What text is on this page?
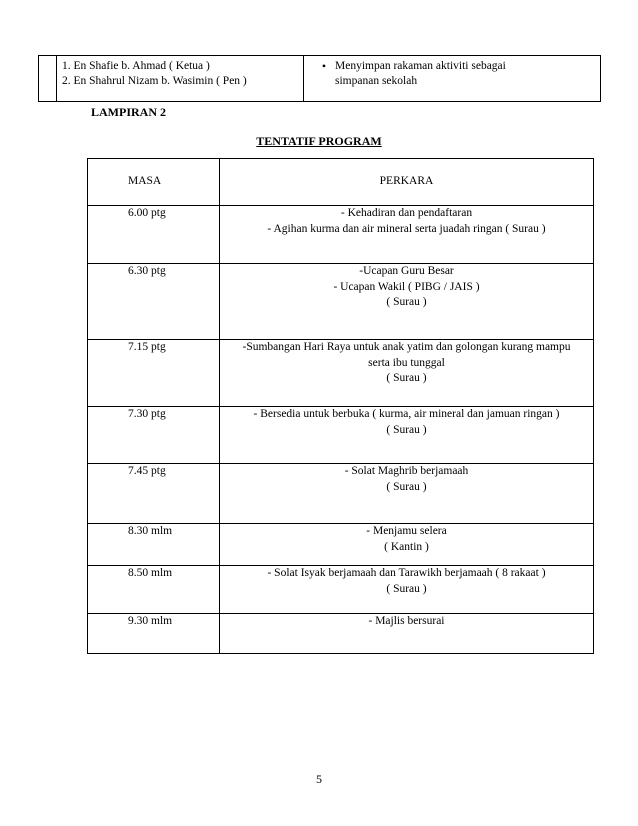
1. En Shafie b. Ahmad ( Ketua )
2. En Shahrul Nizam b. Wasimin ( Pen )

• Menyimpan rakaman aktiviti sebagai
simpanan sekolah
LAMPIRAN 2
TENTATIF PROGRAM
MASA	PERKARA

6.00 ptg	- Kehadiran dan pendaftaran
- Agihan kurma dan air mineral serta juadah ringan ( Surau )

6.30 ptg	-Ucapan Guru Besar
- Ucapan Wakil ( PIBG / JAIS )
( Surau )

7.15 ptg	-Sumbangan Hari Raya untuk anak yatim dan golongan kurang mampu
serta ibu tunggal
( Surau )

7.30 ptg	- Bersedia untuk berbuka ( kurma, air mineral dan jamuan ringan )
( Surau )

7.45 ptg	- Solat Maghrib berjamaah
( Surau )

8.30 mlm	- Menjamu selera
( Kantin )

8.50 mlm	- Solat Isyak berjamaah dan Tarawikh berjamaah ( 8 rakaat )
( Surau )

9.30 mlm	- Majlis bersurai
5
